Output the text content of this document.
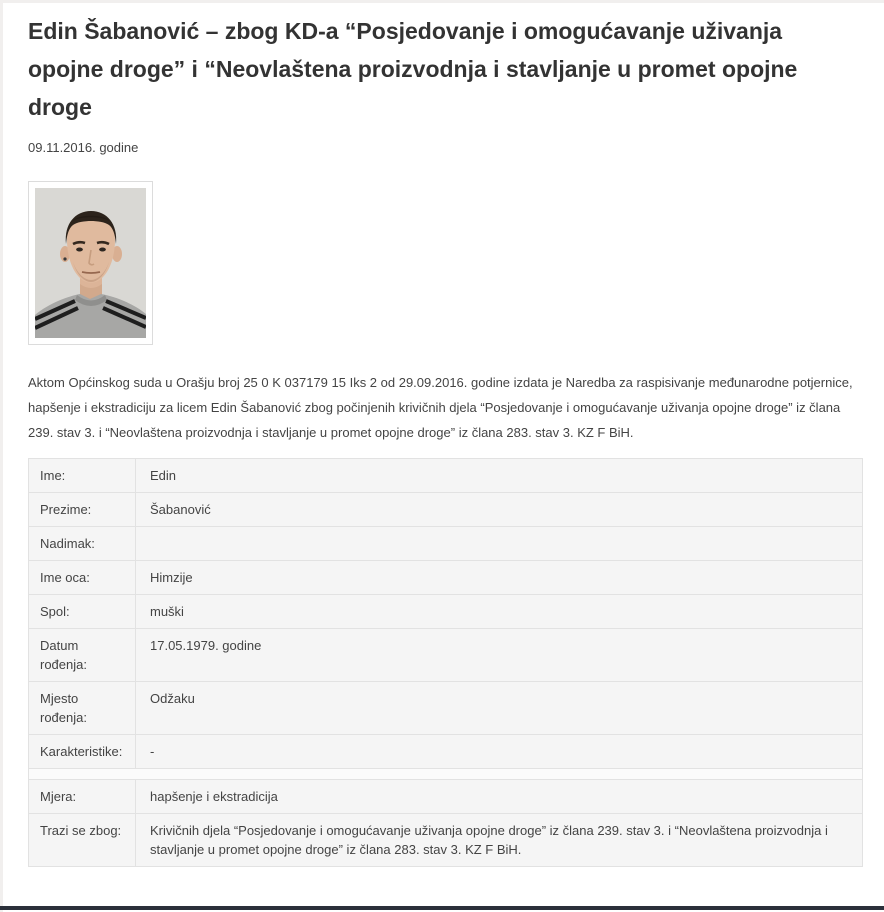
Edin Šabanović – zbog KD-a “Posjedovanje i omogućavanje uživanja opojne droge” i “Neovlaštena proizvodnja i stavljanje u promet opojne droge
09.11.2016. godine

Aktom Općinskog suda u Orašju broj 25 0 K 037179 15 Iks 2 od 29.09.2016. godine izdata je Naredba za raspisivanje međunarodne potjernice, hapšenje i ekstradiciju za licem Edin Šabanović zbog počinjenih krivičnih djela “Posjedovanje i omogućavanje uživanja opojne droge” iz člana 239. stav 3. i “Neovlaštena proizvodnja i stavljanje u promet opojne droge” iz člana 283. stav 3. KZ F BiH.

Ime:	Edin
Prezime:	Šabanović
Nadimak:	
Ime oca:	Himzije
Spol:	muški
Datum rođenja:	17.05.1979. godine
Mjesto rođenja:	Odžaku
Karakteristike:	-

Mjera:	hapšenje i ekstradicija
Trazi se zbog:	Krivičnih djela “Posjedovanje i omogućavanje uživanja opojne droge” iz člana 239. stav 3. i “Neovlaštena proizvodnja i stavljanje u promet opojne droge” iz člana 283. stav 3. KZ F BiH.
